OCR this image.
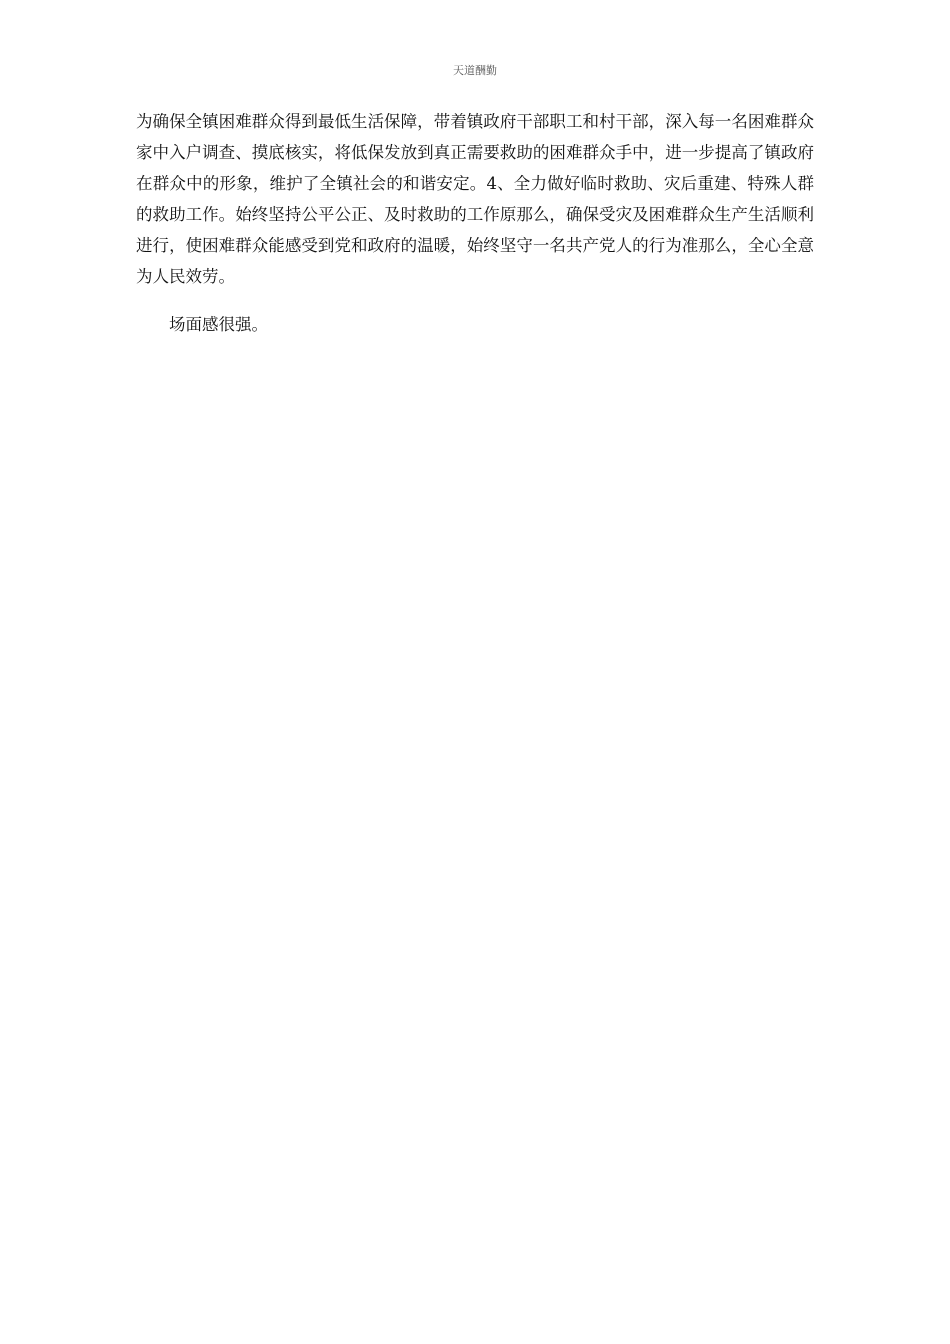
天道酬勤

为确保全镇困难群众得到最低生活保障，带着镇政府干部职工和村干部，深入每一名困难群众家中入户调查、摸底核实，将低保发放到真正需要救助的困难群众手中，进一步提高了镇政府在群众中的形象，维护了全镇社会的和谐安定。4、全力做好临时救助、灾后重建、特殊人群的救助工作。始终坚持公平公正、及时救助的工作原那么，确保受灾及困难群众生产生活顺利进行，使困难群众能感受到党和政府的温暖，始终坚守一名共产党人的行为准那么，全心全意为人民效劳。

场面感很强。
